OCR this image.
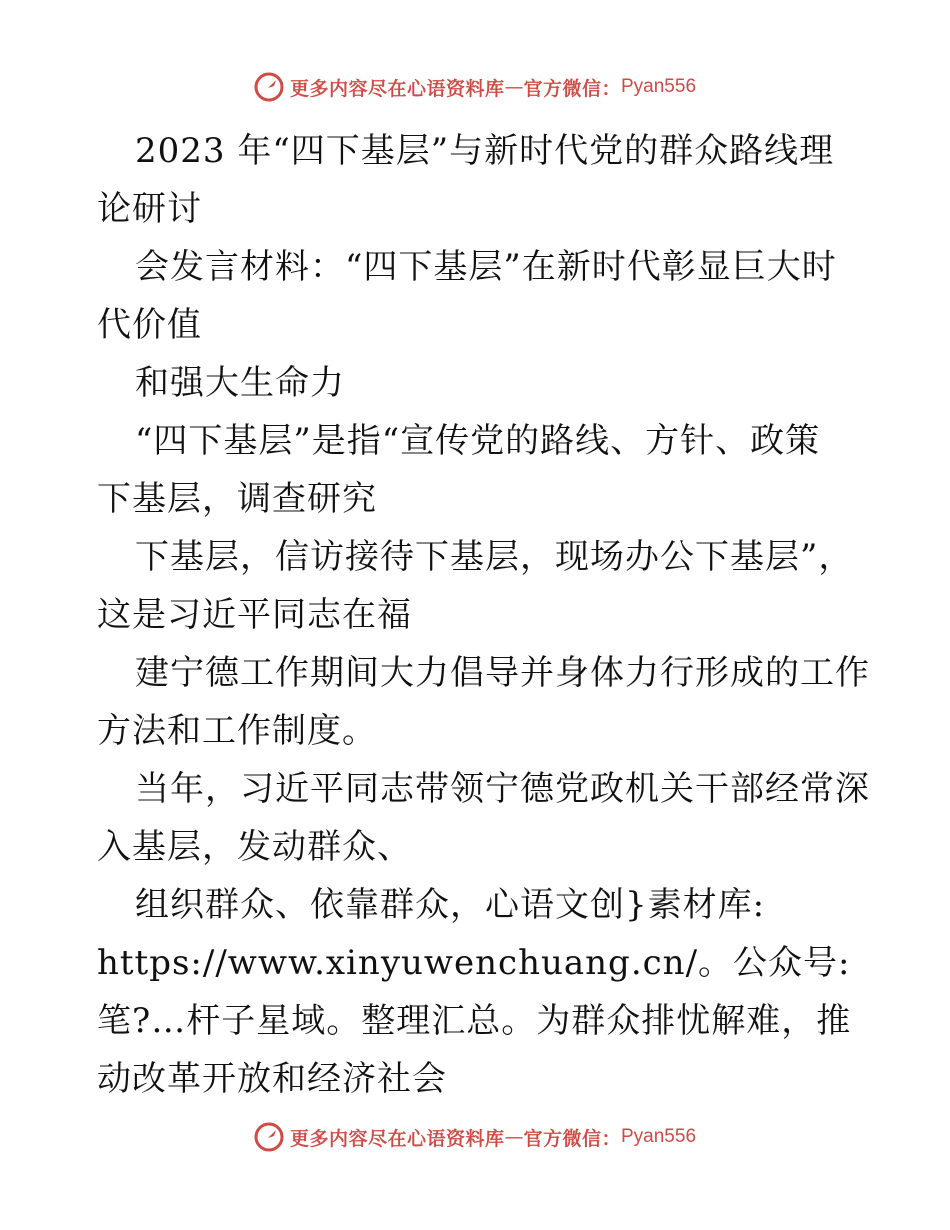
更多内容尽在心语资料库 — 官方微信： Pyan556
2023 年“四下基层”与新时代党的群众路线理
论研讨
会发言材料：“四下基层”在新时代彰显巨大时
代价值
和强大生命力
“四下基层”是指“宣传党的路线、方针、政策
下基层，调查研究
下基层，信访接待下基层，现场办公下基层”，
这是习近平同志在福
建宁德工作期间大力倡导并身体力行形成的工作
方法和工作制度。
当年，习近平同志带领宁德党政机关干部经常深
入基层，发动群众、
组织群众、依靠群众，心语文创}素材库:
https://www.xinyuwenchuang.cn/。公众号:
笔?…杆子星域。整理汇总。为群众排忧解难，推
动改革开放和经济社会
更多内容尽在心语资料库 — 官方微信： Pyan556
